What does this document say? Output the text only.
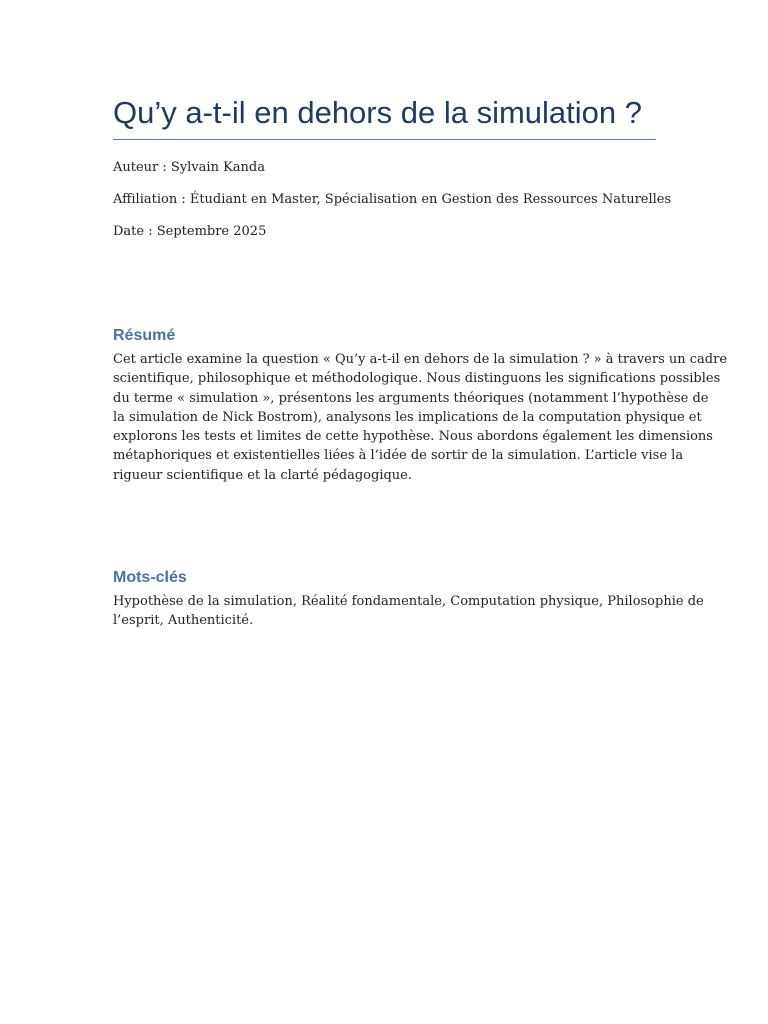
Qu’y a-t-il en dehors de la simulation ?

Auteur : Sylvain Kanda

Affiliation : Étudiant en Master, Spécialisation en Gestion des Ressources Naturelles

Date : Septembre 2025

Résumé

Cet article examine la question « Qu’y a-t-il en dehors de la simulation ? » à travers un cadre
scientifique, philosophique et méthodologique. Nous distinguons les significations possibles
du terme « simulation », présentons les arguments théoriques (notamment l’hypothèse de
la simulation de Nick Bostrom), analysons les implications de la computation physique et
explorons les tests et limites de cette hypothèse. Nous abordons également les dimensions
métaphoriques et existentielles liées à l’idée de sortir de la simulation. L’article vise la
rigueur scientifique et la clarté pédagogique.

Mots-clés

Hypothèse de la simulation, Réalité fondamentale, Computation physique, Philosophie de
l’esprit, Authenticité.
